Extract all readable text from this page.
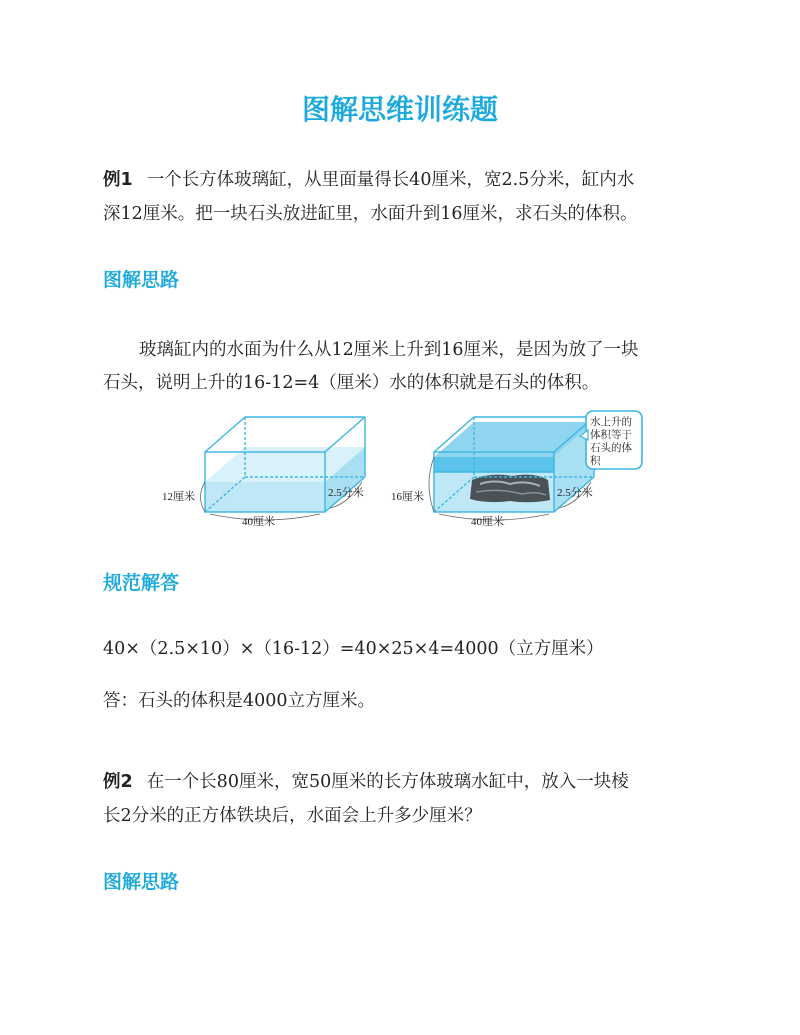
图解思维训练题
例1 一个长方体玻璃缸，从里面量得长40厘米，宽2.5分米，缸内水
深12厘米。把一块石头放进缸里，水面升到16厘米，求石头的体积。
图解思路
玻璃缸内的水面为什么从12厘米上升到16厘米，是因为放了一块
石头，说明上升的16-12=4（厘米）水的体积就是石头的体积。
12厘米	2.5分米
40厘米
16厘米	2.5分米
40厘米
水上升的
体积等于
石头的体
积
规范解答
40×（2.5×10）×（16-12）=40×25×4=4000（立方厘米）
答：石头的体积是4000立方厘米。
例2 在一个长80厘米，宽50厘米的长方体玻璃水缸中，放入一块棱
长2分米的正方体铁块后，水面会上升多少厘米？
图解思路
